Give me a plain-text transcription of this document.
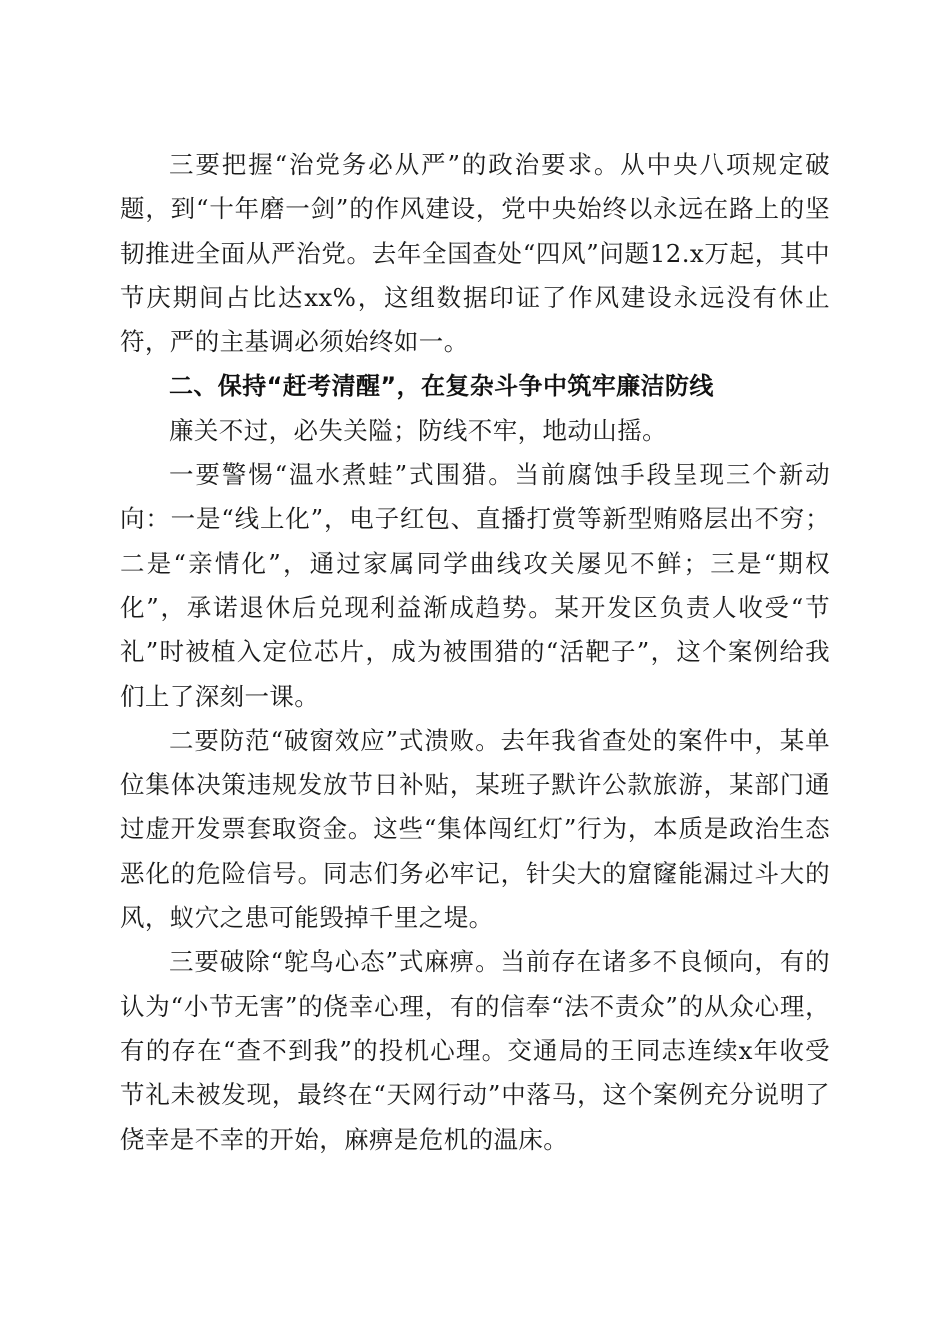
三要把握“治党务必从严”的政治要求。从中央八项规定破题，到“十年磨一剑”的作风建设，党中央始终以永远在路上的坚韧推进全面从严治党。去年全国查处“四风”问题12.x万起，其中节庆期间占比达xx%，这组数据印证了作风建设永远没有休止符，严的主基调必须始终如一。

二、保持“赶考清醒”，在复杂斗争中筑牢廉洁防线

廉关不过，必失关隘；防线不牢，地动山摇。

一要警惕“温水煮蛙”式围猎。当前腐蚀手段呈现三个新动向：一是“线上化”，电子红包、直播打赏等新型贿赂层出不穷；二是“亲情化”，通过家属同学曲线攻关屡见不鲜；三是“期权化”，承诺退休后兑现利益渐成趋势。某开发区负责人收受“节礼”时被植入定位芯片，成为被围猎的“活靶子”，这个案例给我们上了深刻一课。

二要防范“破窗效应”式溃败。去年我省查处的案件中，某单位集体决策违规发放节日补贴，某班子默许公款旅游，某部门通过虚开发票套取资金。这些“集体闯红灯”行为，本质是政治生态恶化的危险信号。同志们务必牢记，针尖大的窟窿能漏过斗大的风，蚁穴之患可能毁掉千里之堤。

三要破除“鸵鸟心态”式麻痹。当前存在诸多不良倾向，有的认为“小节无害”的侥幸心理，有的信奉“法不责众”的从众心理，有的存在“查不到我”的投机心理。交通局的王同志连续x年收受节礼未被发现，最终在“天网行动”中落马，这个案例充分说明了侥幸是不幸的开始，麻痹是危机的温床。
